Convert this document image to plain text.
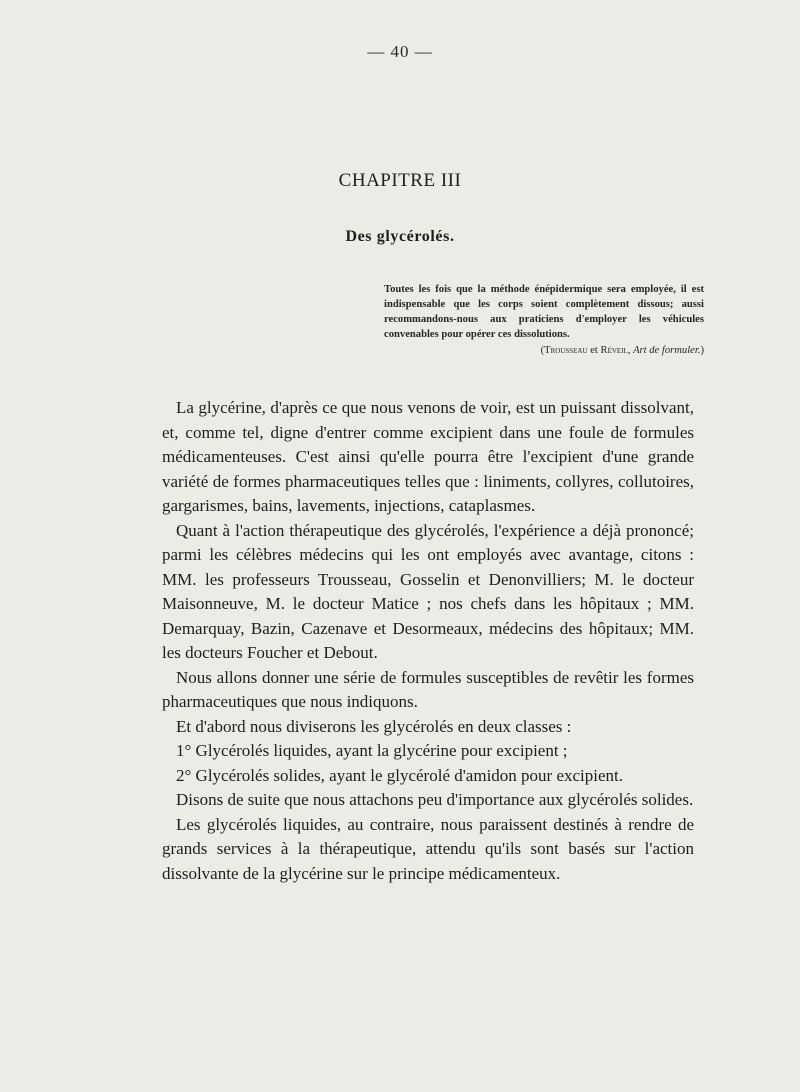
— 40 —
CHAPITRE III
Des glycérolés.
Toutes les fois que la méthode énépidermique sera employée, il est indispensable que les corps soient complètement dissous; aussi recommandons-nous aux praticiens d'employer les véhicules convenables pour opérer ces dissolutions.
(Trousseau et Réveil, Art de formuler.)

La glycérine, d'après ce que nous venons de voir, est un puissant dissolvant, et, comme tel, digne d'entrer comme excipient dans une foule de formules médicamenteuses. C'est ainsi qu'elle pourra être l'excipient d'une grande variété de formes pharmaceutiques telles que : liniments, collyres, collutoires, gargarismes, bains, lavements, injections, cataplasmes.

Quant à l'action thérapeutique des glycérolés, l'expérience a déjà prononcé; parmi les célèbres médecins qui les ont employés avec avantage, citons : MM. les professeurs Trousseau, Gosselin et Denonvilliers; M. le docteur Maisonneuve, M. le docteur Matice ; nos chefs dans les hôpitaux ; MM. Demarquay, Bazin, Cazenave et Desormeaux, médecins des hôpitaux; MM. les docteurs Foucher et Debout.

Nous allons donner une série de formules susceptibles de revêtir les formes pharmaceutiques que nous indiquons.

Et d'abord nous diviserons les glycérolés en deux classes :

1° Glycérolés liquides, ayant la glycérine pour excipient ;

2° Glycérolés solides, ayant le glycérolé d'amidon pour excipient.

Disons de suite que nous attachons peu d'importance aux glycérolés solides.

Les glycérolés liquides, au contraire, nous paraissent destinés à rendre de grands services à la thérapeutique, attendu qu'ils sont basés sur l'action dissolvante de la glycérine sur le principe médicamenteux.
